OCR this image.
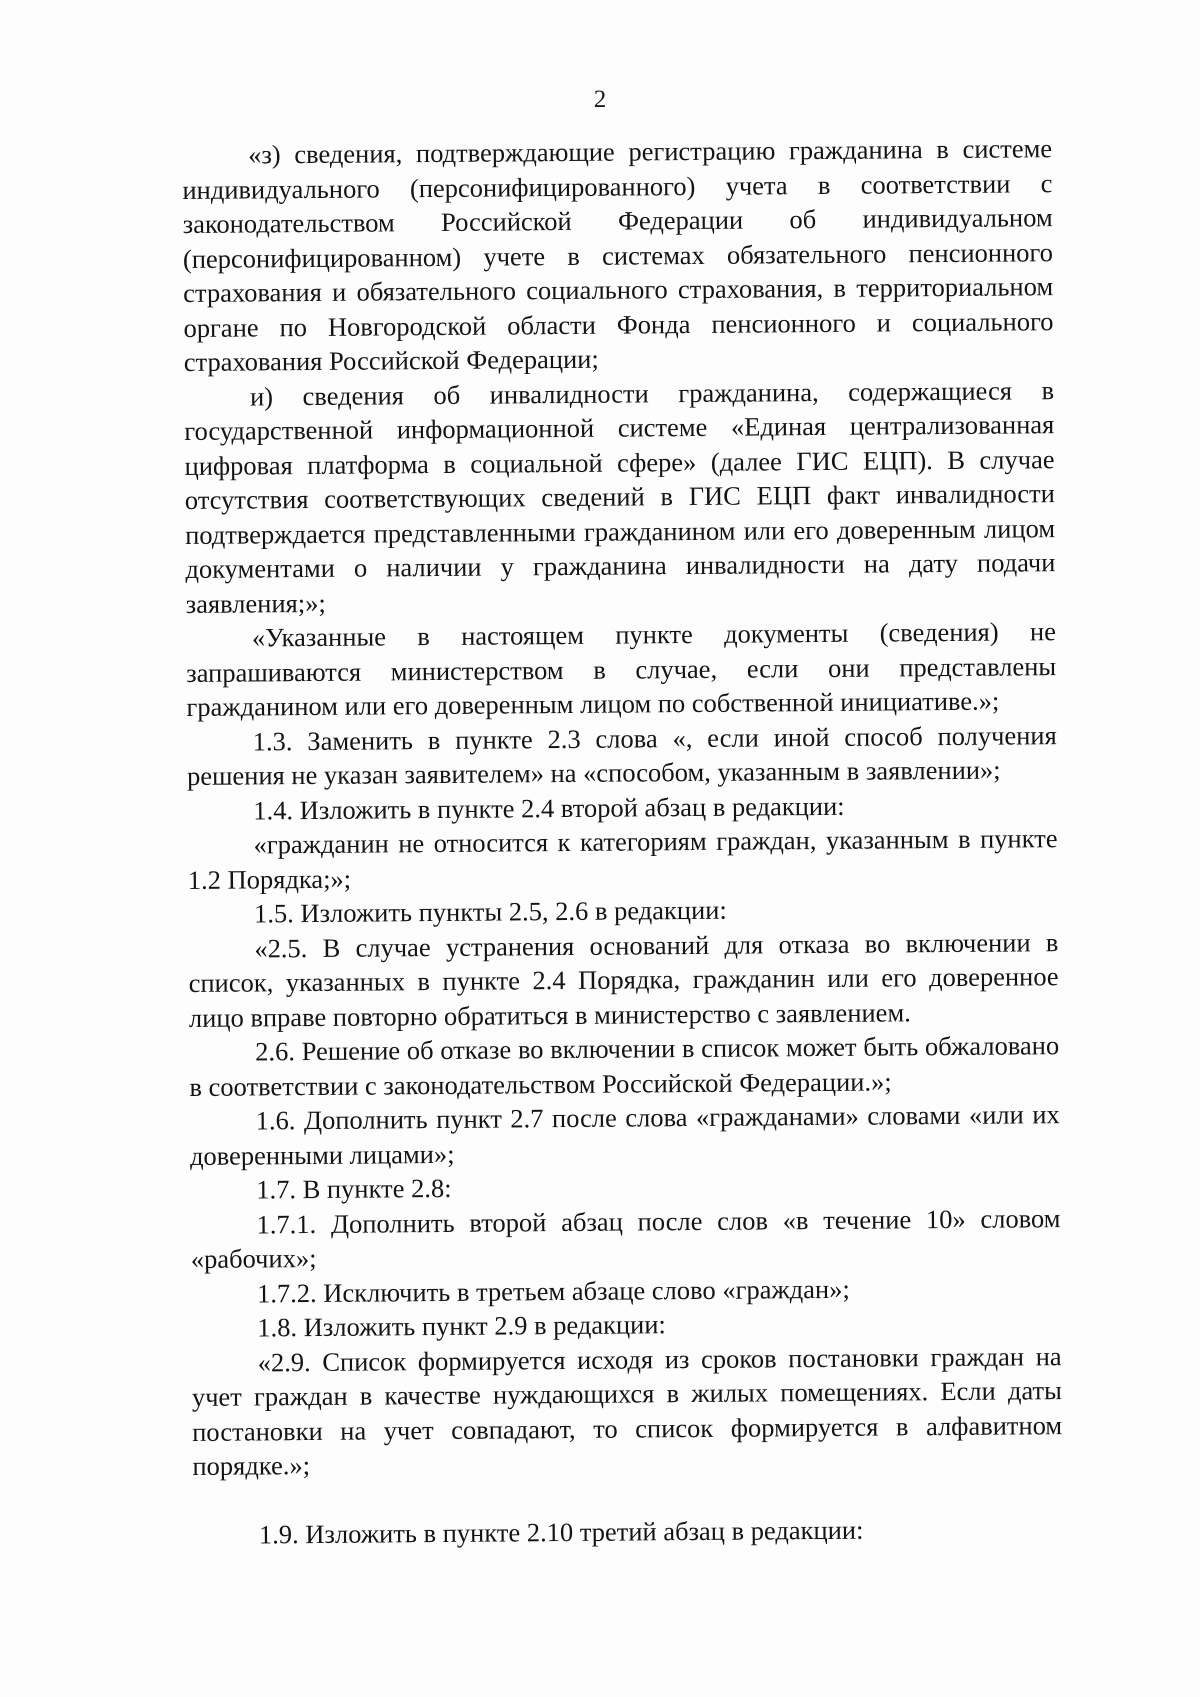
2

«з) сведения, подтверждающие регистрацию гражданина в системе индивидуального (персонифицированного) учета в соответствии с законодательством Российской Федерации об индивидуальном (персонифицированном) учете в системах обязательного пенсионного страхования и обязательного социального страхования, в территориальном органе по Новгородской области Фонда пенсионного и социального страхования Российской Федерации;

и) сведения об инвалидности гражданина, содержащиеся в государственной информационной системе «Единая централизованная цифровая платформа в социальной сфере» (далее ГИС ЕЦП). В случае отсутствия соответствующих сведений в ГИС ЕЦП факт инвалидности подтверждается представленными гражданином или его доверенным лицом документами о наличии у гражданина инвалидности на дату подачи заявления;»;

«Указанные в настоящем пункте документы (сведения) не запрашиваются министерством в случае, если они представлены гражданином или его доверенным лицом по собственной инициативе.»;

1.3. Заменить в пункте 2.3 слова «, если иной способ получения решения не указан заявителем» на «способом, указанным в заявлении»;

1.4. Изложить в пункте 2.4 второй абзац в редакции:

«гражданин не относится к категориям граждан, указанным в пункте 1.2 Порядка;»;

1.5. Изложить пункты 2.5, 2.6 в редакции:

«2.5. В случае устранения оснований для отказа во включении в список, указанных в пункте 2.4 Порядка, гражданин или его доверенное лицо вправе повторно обратиться в министерство с заявлением.

2.6. Решение об отказе во включении в список может быть обжаловано в соответствии с законодательством Российской Федерации.»;

1.6. Дополнить пункт 2.7 после слова «гражданами» словами «или их доверенными лицами»;

1.7. В пункте 2.8:

1.7.1. Дополнить второй абзац после слов «в течение 10» словом «рабочих»;

1.7.2. Исключить в третьем абзаце слово «граждан»;

1.8. Изложить пункт 2.9 в редакции:

«2.9. Список формируется исходя из сроков постановки граждан на учет граждан в качестве нуждающихся в жилых помещениях. Если даты постановки на учет совпадают, то список формируется в алфавитном порядке.»;

1.9. Изложить в пункте 2.10 третий абзац в редакции:
